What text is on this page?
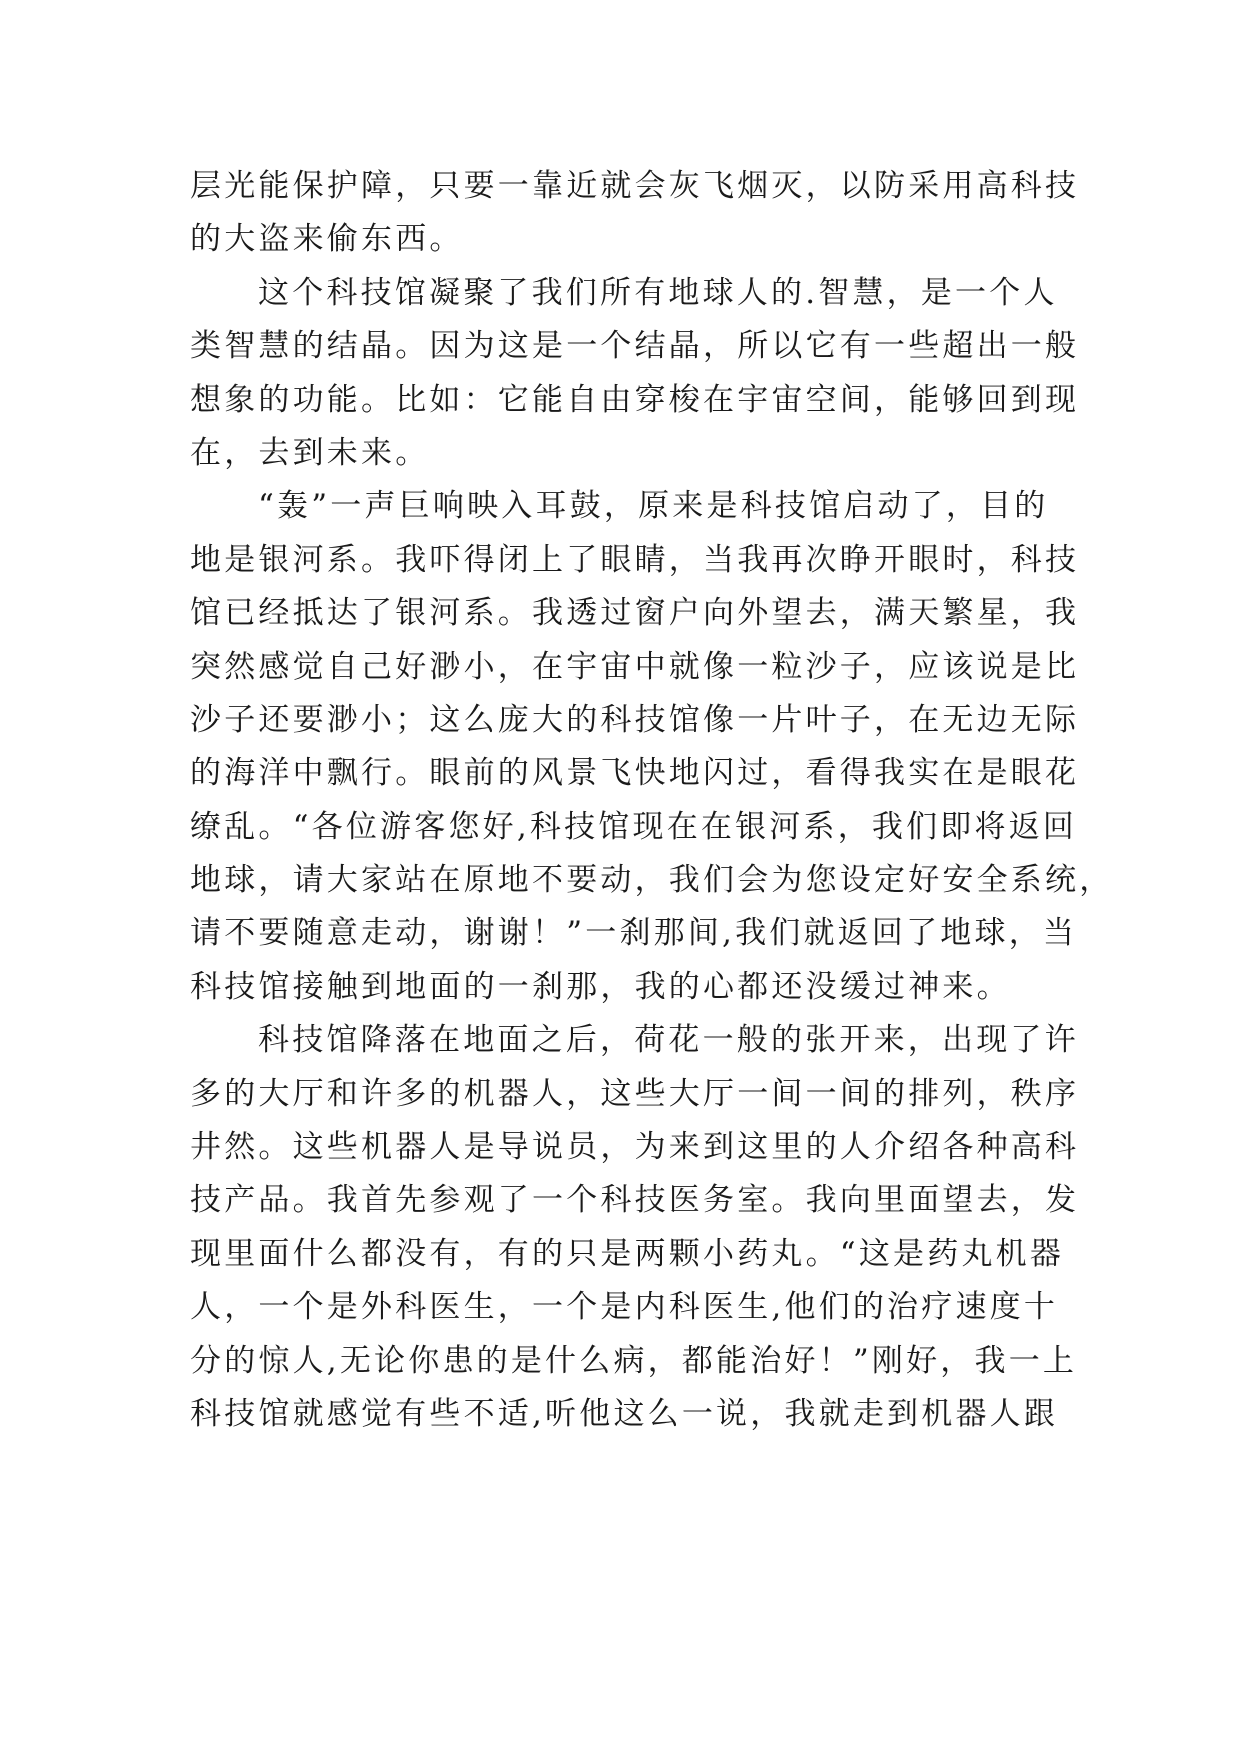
层光能保护障，只要一靠近就会灰飞烟灭，以防采用高科技
的大盗来偷东西。
这个科技馆凝聚了我们所有地球人的.智慧，是一个人
类智慧的结晶。因为这是一个结晶，所以它有一些超出一般
想象的功能。比如：它能自由穿梭在宇宙空间，能够回到现
在，去到未来。
“轰”一声巨响映入耳鼓，原来是科技馆启动了，目的
地是银河系。我吓得闭上了眼睛，当我再次睁开眼时，科技
馆已经抵达了银河系。我透过窗户向外望去，满天繁星，我
突然感觉自己好渺小，在宇宙中就像一粒沙子，应该说是比
沙子还要渺小；这么庞大的科技馆像一片叶子，在无边无际
的海洋中飘行。眼前的风景飞快地闪过，看得我实在是眼花
缭乱。“各位游客您好,科技馆现在在银河系，我们即将返回
地球，请大家站在原地不要动，我们会为您设定好安全系统，
请不要随意走动，谢谢！”一刹那间,我们就返回了地球，当
科技馆接触到地面的一刹那，我的心都还没缓过神来。
科技馆降落在地面之后，荷花一般的张开来，出现了许
多的大厅和许多的机器人，这些大厅一间一间的排列，秩序
井然。这些机器人是导说员，为来到这里的人介绍各种高科
技产品。我首先参观了一个科技医务室。我向里面望去，发
现里面什么都没有，有的只是两颗小药丸。“这是药丸机器
人，一个是外科医生，一个是内科医生,他们的治疗速度十
分的惊人,无论你患的是什么病，都能治好！”刚好，我一上
科技馆就感觉有些不适,听他这么一说，我就走到机器人跟
